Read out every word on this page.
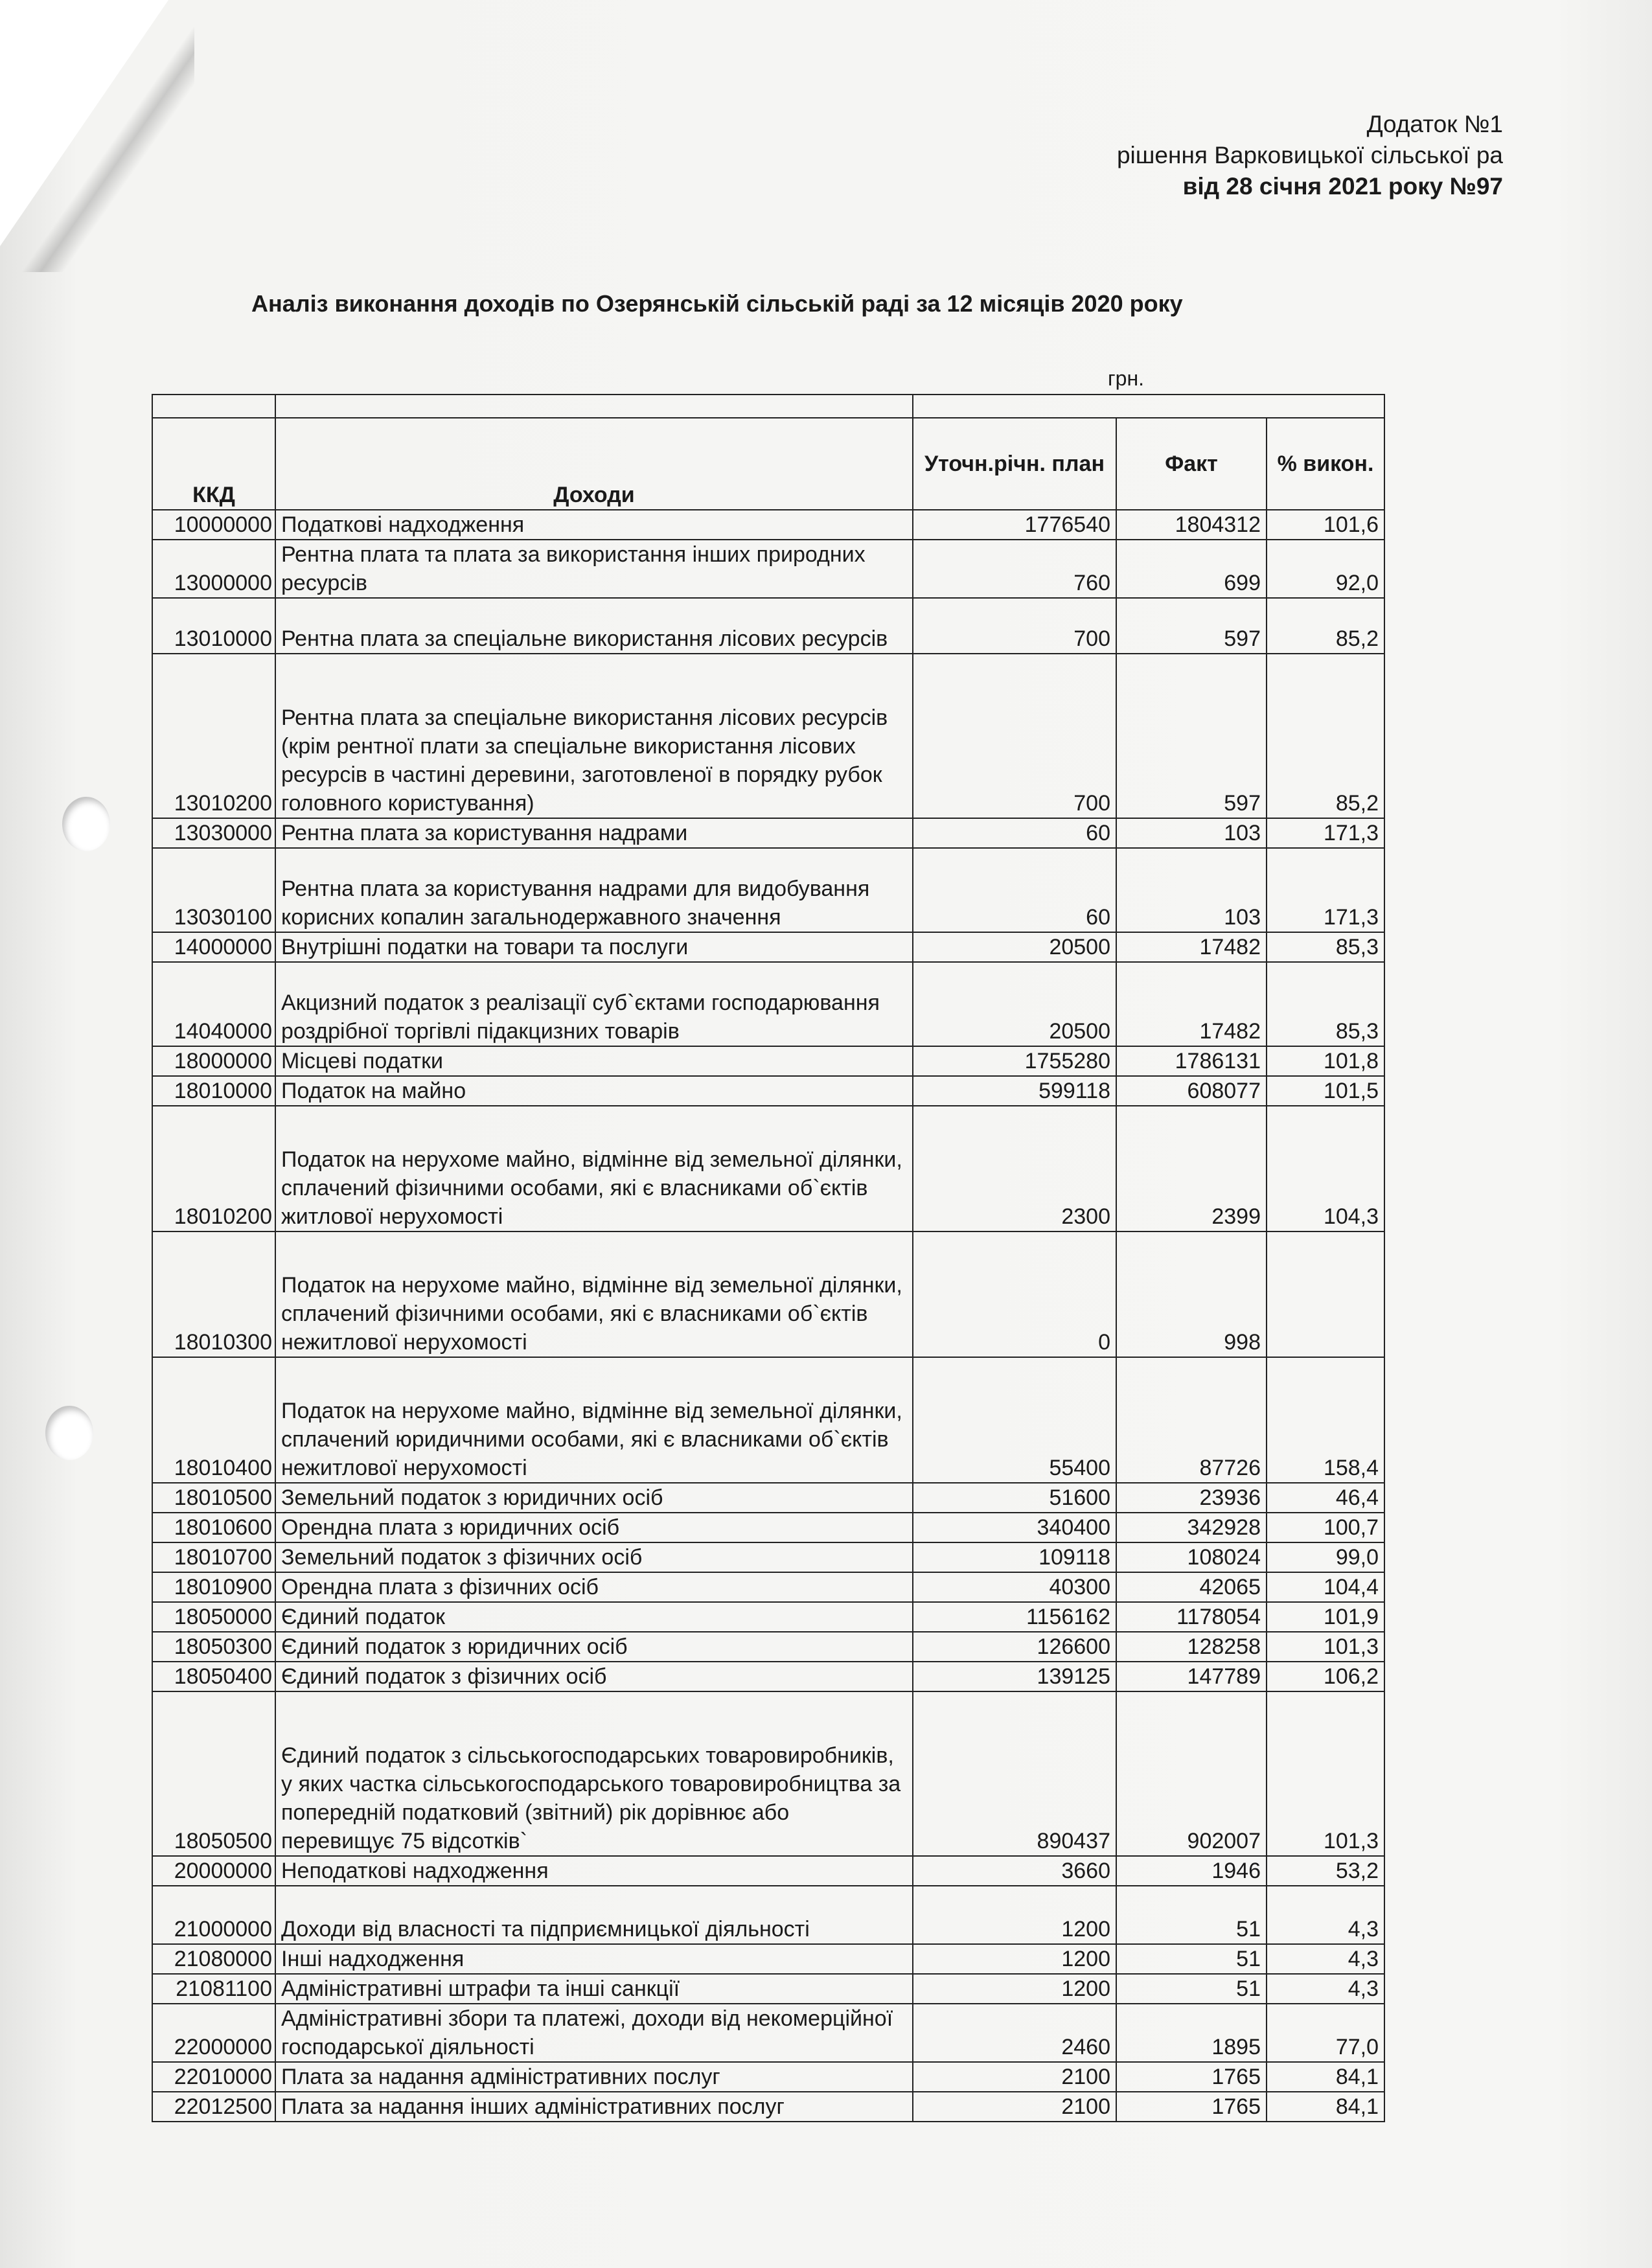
Додаток №1
рішення Варковицької сільської ра
від 28 січня 2021 року №97
Аналіз виконання доходів по Озерянській сільській раді за 12 місяців 2020 року
грн.

ККД	Доходи	Уточн.річн. план	Факт	% викон.
10000000	Податкові надходження	1776540	1804312	101,6
13000000	Рентна плата та плата за використання інших природних ресурсів	760	699	92,0
13010000	Рентна плата за спеціальне використання лісових ресурсів	700	597	85,2
13010200	Рентна плата за спеціальне використання лісових ресурсів (крім рентної плати за спеціальне використання лісових ресурсів в частині деревини, заготовленої в порядку рубок головного користування)	700	597	85,2
13030000	Рентна плата за користування надрами	60	103	171,3
13030100	Рентна плата за користування надрами для видобування корисних копалин загальнодержавного значення	60	103	171,3
14000000	Внутрішні податки на товари та послуги	20500	17482	85,3
14040000	Акцизний податок з реалізації суб`єктами господарювання роздрібної торгівлі підакцизних товарів	20500	17482	85,3
18000000	Місцеві податки	1755280	1786131	101,8
18010000	Податок на майно	599118	608077	101,5
18010200	Податок на нерухоме майно, відмінне від земельної ділянки, сплачений фізичними особами, які є власниками об`єктів житлової нерухомості	2300	2399	104,3
18010300	Податок на нерухоме майно, відмінне від земельної ділянки, сплачений фізичними особами, які є власниками об`єктів нежитлової нерухомості	0	998	
18010400	Податок на нерухоме майно, відмінне від земельної ділянки, сплачений юридичними особами, які є власниками об`єктів нежитлової нерухомості	55400	87726	158,4
18010500	Земельний податок з юридичних осіб	51600	23936	46,4
18010600	Орендна плата з юридичних осіб	340400	342928	100,7
18010700	Земельний податок з фізичних осіб	109118	108024	99,0
18010900	Орендна плата з фізичних осіб	40300	42065	104,4
18050000	Єдиний податок	1156162	1178054	101,9
18050300	Єдиний податок з юридичних осіб	126600	128258	101,3
18050400	Єдиний податок з фізичних осіб	139125	147789	106,2
18050500	Єдиний податок з сільськогосподарських товаровиробників, у яких частка сільськогосподарського товаровиробництва за попередній податковий (звітний) рік дорівнює або перевищує 75 відсотків`	890437	902007	101,3
20000000	Неподаткові надходження	3660	1946	53,2
21000000	Доходи від власності та підприємницької діяльності	1200	51	4,3
21080000	Інші надходження	1200	51	4,3
21081100	Адміністративні штрафи та інші санкції	1200	51	4,3
22000000	Адміністративні збори та платежі, доходи від некомерційної господарської діяльності	2460	1895	77,0
22010000	Плата за надання адміністративних послуг	2100	1765	84,1
22012500	Плата за надання інших адміністративних послуг	2100	1765	84,1
